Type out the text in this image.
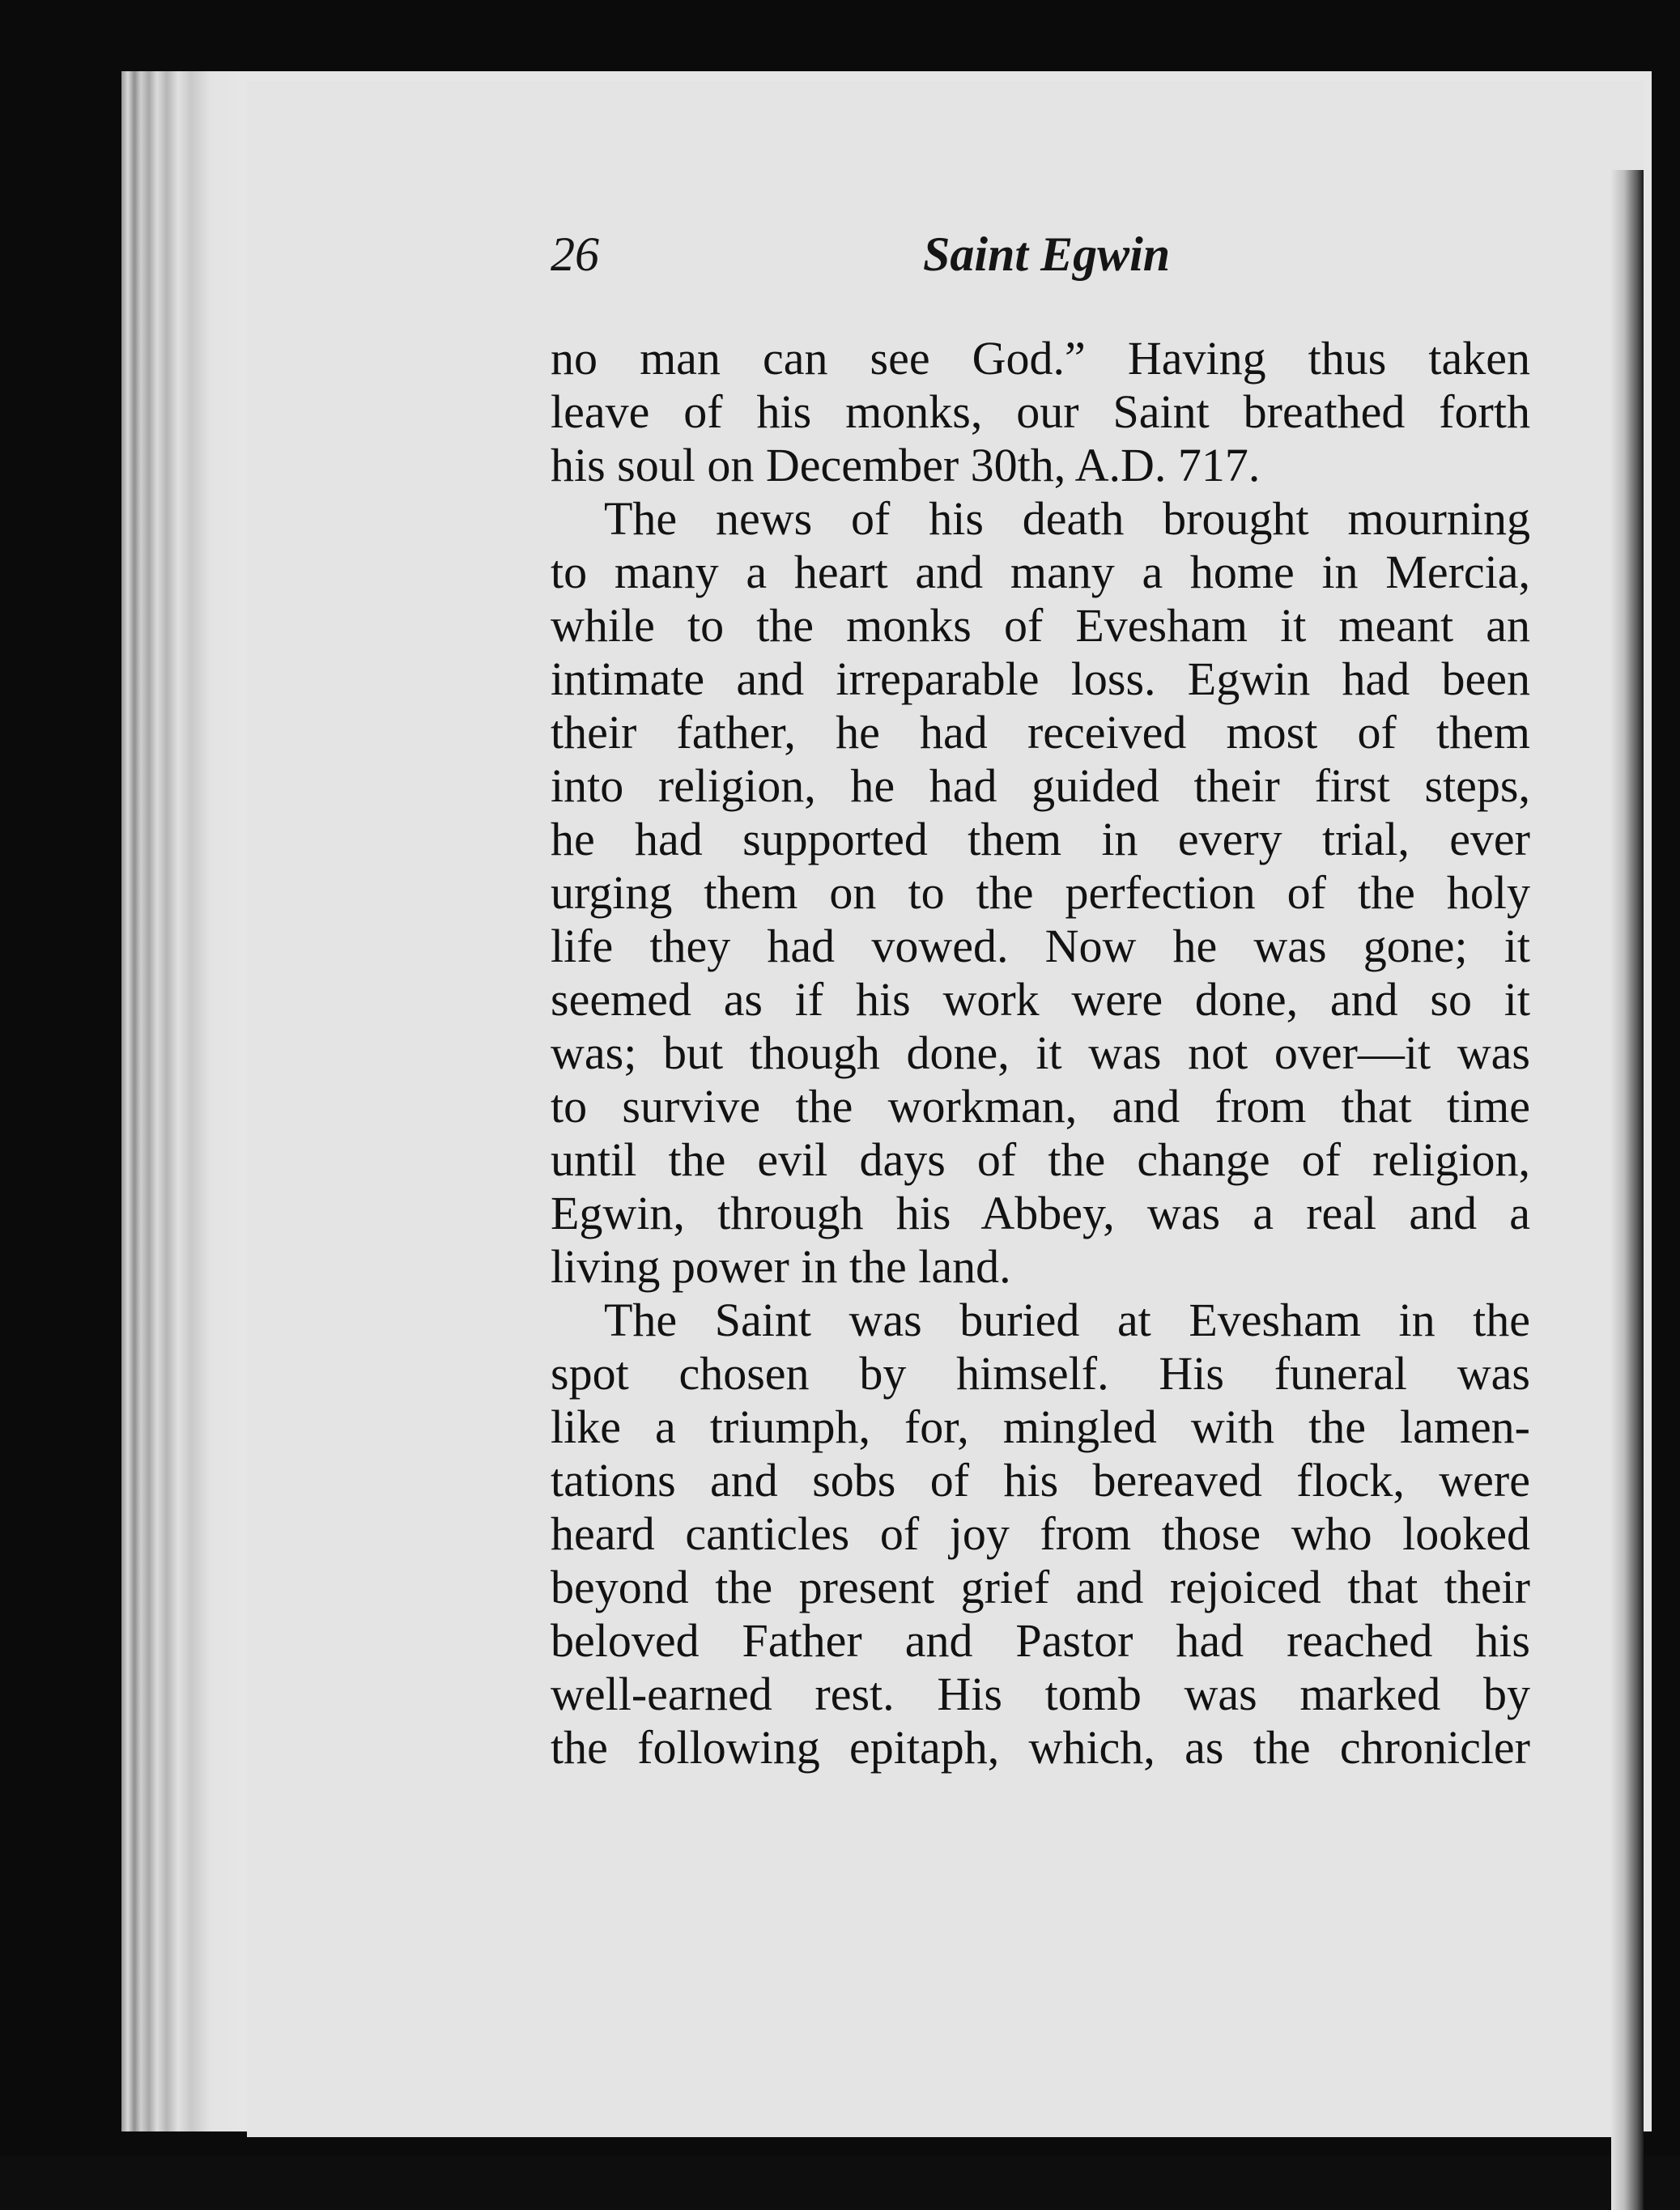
26	Saint Egwin
no man can see God.” Having thus taken
leave of his monks, our Saint breathed forth
his soul on December 30th, A.D. 717.
The news of his death brought mourning
to many a heart and many a home in Mercia,
while to the monks of Evesham it meant an
intimate and irreparable loss. Egwin had been
their father, he had received most of them
into religion, he had guided their first steps,
he had supported them in every trial, ever
urging them on to the perfection of the holy
life they had vowed. Now he was gone; it
seemed as if his work were done, and so it
was; but though done, it was not over—it was
to survive the workman, and from that time
until the evil days of the change of religion,
Egwin, through his Abbey, was a real and a
living power in the land.
The Saint was buried at Evesham in the
spot chosen by himself. His funeral was
like a triumph, for, mingled with the lamen-
tations and sobs of his bereaved flock, were
heard canticles of joy from those who looked
beyond the present grief and rejoiced that their
beloved Father and Pastor had reached his
well-earned rest. His tomb was marked by
the following epitaph, which, as the chronicler
